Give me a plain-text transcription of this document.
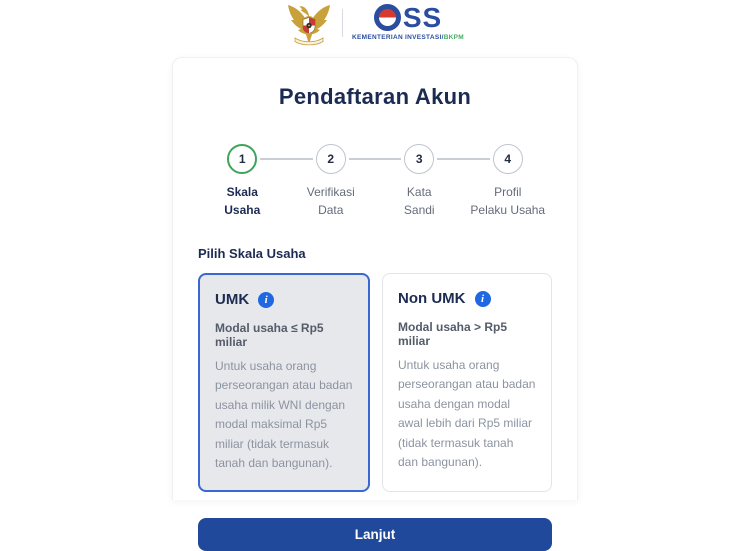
SS
KEMENTERIAN INVESTASI/BKPM
Pendaftaran Akun
1
Skala
Usaha
2
Verifikasi
Data
3
Kata
Sandi
4
Profil
Pelaku Usaha
Pilih Skala Usaha
UMK	i
Modal usaha ≤ Rp5 miliar
Untuk usaha orang perseorangan atau badan usaha milik WNI dengan modal maksimal Rp5 miliar (tidak termasuk tanah dan bangunan).
Non UMK	i
Modal usaha > Rp5 miliar
Untuk usaha orang perseorangan atau badan usaha dengan modal awal lebih dari Rp5 miliar (tidak termasuk tanah dan bangunan).
Lanjut
